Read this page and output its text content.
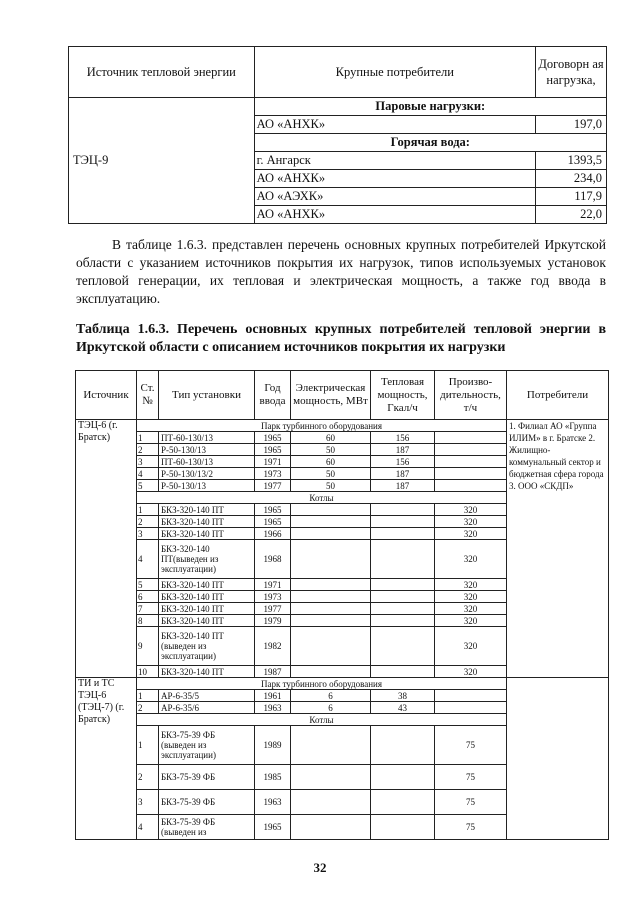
Источник тепловой энергии	Крупные потребители	Договорн ая нагрузка,
ТЭЦ-9	Паровые нагрузки:	
	АО «АНХК»	197,0
	Горячая вода:	
	г. Ангарск	1393,5
	АО «АНХК»	234,0
	АО «АЭХК»	117,9
	АО «АНХК»	22,0

В таблице 1.6.3. представлен перечень основных крупных потребителей Иркутской области с указанием источников покрытия их нагрузок, типов используемых установок тепловой генерации, их тепловая и электрическая мощность, а также год ввода в эксплуатацию.

Таблица 1.6.3. Перечень основных крупных потребителей тепловой энергии в Иркутской области с описанием источников покрытия их нагрузки

Источник	Ст. №	Тип установки	Год ввода	Электрическая мощность, МВт	Тепловая мощность, Гкал/ч	Произво- дительность, т/ч	Потребители
ТЭЦ-6 (г. Братск)	Парк турбинного оборудования						1. Филиал АО «Группа ИЛИМ» в г. Братске 2. Жилищно-коммунальный сектор и бюджетная сфера города 3. ООО «СКДП»
	1	ПТ-60-130/13	1965	60	156		
	2	Р-50-130/13	1965	50	187		
	3	ПТ-60-130/13	1971	60	156		
	4	Р-50-130/13/2	1973	50	187		
	5	Р-50-130/13	1977	50	187		
	Котлы						
	1	БКЗ-320-140 ПТ	1965			320	
	2	БКЗ-320-140 ПТ	1965			320	
	3	БКЗ-320-140 ПТ	1966			320	
	4	БКЗ-320-140 ПТ(выведен из эксплуатации)	1968			320	
	5	БКЗ-320-140 ПТ	1971			320	
	6	БКЗ-320-140 ПТ	1973			320	
	7	БКЗ-320-140 ПТ	1977			320	
	8	БКЗ-320-140 ПТ	1979			320	
	9	БКЗ-320-140 ПТ (выведен из эксплуатации)	1982			320	
	10	БКЗ-320-140 ПТ	1987			320	
ТИ и ТС ТЭЦ-6 (ТЭЦ-7) (г. Братск)	Парк турбинного оборудования						
	1	АР-6-35/5	1961	6	38		
	2	АР-6-35/6	1963	6	43		
	Котлы						
	1	БКЗ-75-39 ФБ (выведен из эксплуатации)	1989			75	
	2	БКЗ-75-39 ФБ	1985			75	
	3	БКЗ-75-39 ФБ	1963			75	
	4	БКЗ-75-39 ФБ (выведен из	1965			75	
32
